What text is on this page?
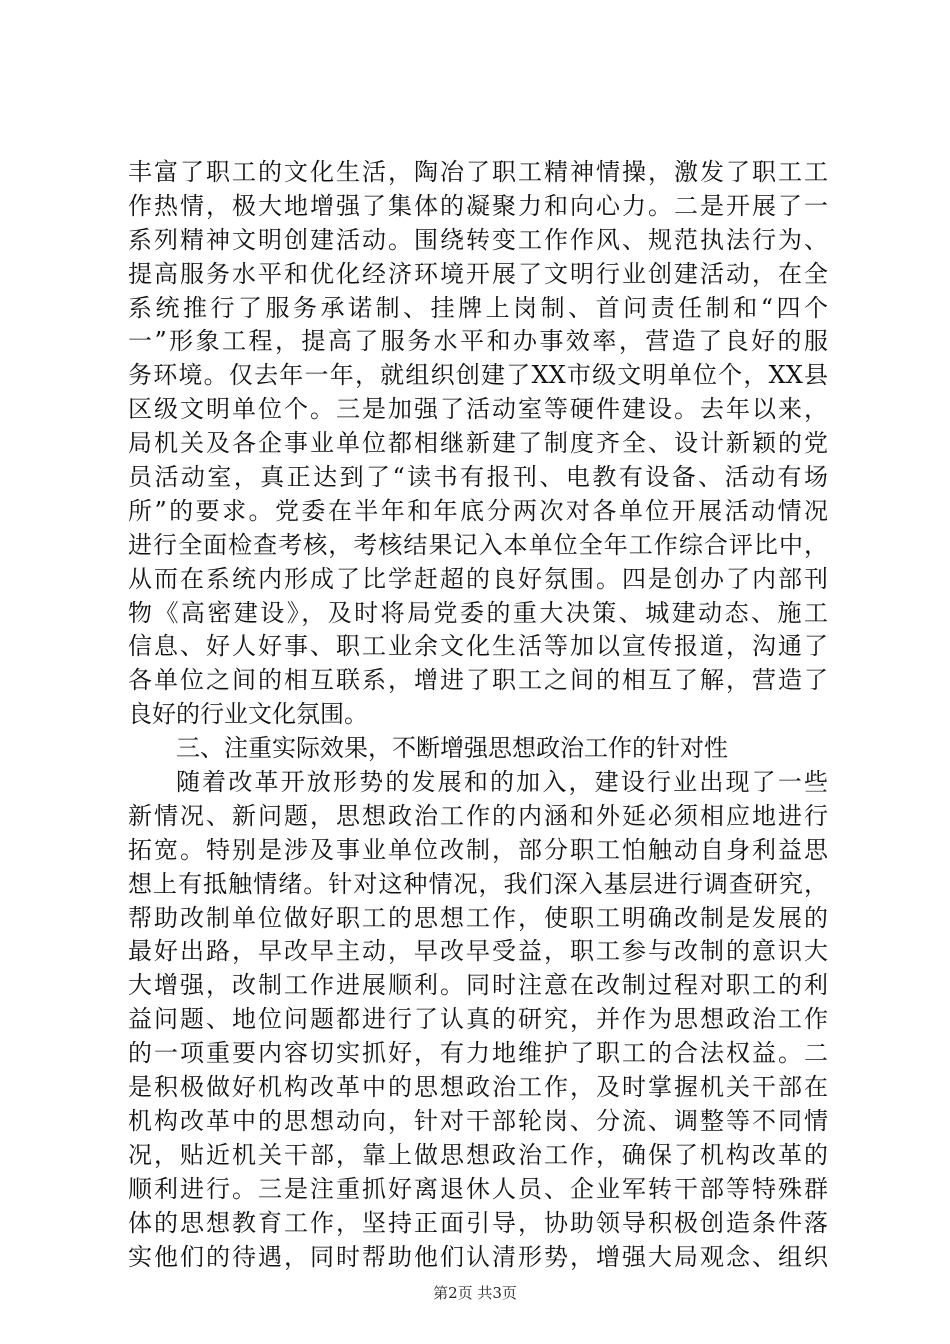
丰富了职工的文化生活，陶冶了职工精神情操，激发了职工工
作热情，极大地增强了集体的凝聚力和向心力。二是开展了一
系列精神文明创建活动。围绕转变工作作风、规范执法行为、
提高服务水平和优化经济环境开展了文明行业创建活动，在全
系统推行了服务承诺制、挂牌上岗制、首问责任制和“四个
一”形象工程，提高了服务水平和办事效率，营造了良好的服
务环境。仅去年一年，就组织创建了XX市级文明单位个，XX县
区级文明单位个。三是加强了活动室等硬件建设。去年以来，
局机关及各企事业单位都相继新建了制度齐全、设计新颖的党
员活动室，真正达到了“读书有报刊、电教有设备、活动有场
所”的要求。党委在半年和年底分两次对各单位开展活动情况
进行全面检查考核，考核结果记入本单位全年工作综合评比中，
从而在系统内形成了比学赶超的良好氛围。四是创办了内部刊
物《高密建设》，及时将局党委的重大决策、城建动态、施工
信息、好人好事、职工业余文化生活等加以宣传报道，沟通了
各单位之间的相互联系，增进了职工之间的相互了解，营造了
良好的行业文化氛围。
三、注重实际效果，不断增强思想政治工作的针对性
随着改革开放形势的发展和的加入，建设行业出现了一些
新情况、新问题，思想政治工作的内涵和外延必须相应地进行
拓宽。特别是涉及事业单位改制，部分职工怕触动自身利益思
想上有抵触情绪。针对这种情况，我们深入基层进行调查研究，
帮助改制单位做好职工的思想工作，使职工明确改制是发展的
最好出路，早改早主动，早改早受益，职工参与改制的意识大
大增强，改制工作进展顺利。同时注意在改制过程对职工的利
益问题、地位问题都进行了认真的研究，并作为思想政治工作
的一项重要内容切实抓好，有力地维护了职工的合法权益。二
是积极做好机构改革中的思想政治工作，及时掌握机关干部在
机构改革中的思想动向，针对干部轮岗、分流、调整等不同情
况，贴近机关干部，靠上做思想政治工作，确保了机构改革的
顺利进行。三是注重抓好离退休人员、企业军转干部等特殊群
体的思想教育工作，坚持正面引导，协助领导积极创造条件落
实他们的待遇，同时帮助他们认清形势，增强大局观念、组织
第2页 共3页
